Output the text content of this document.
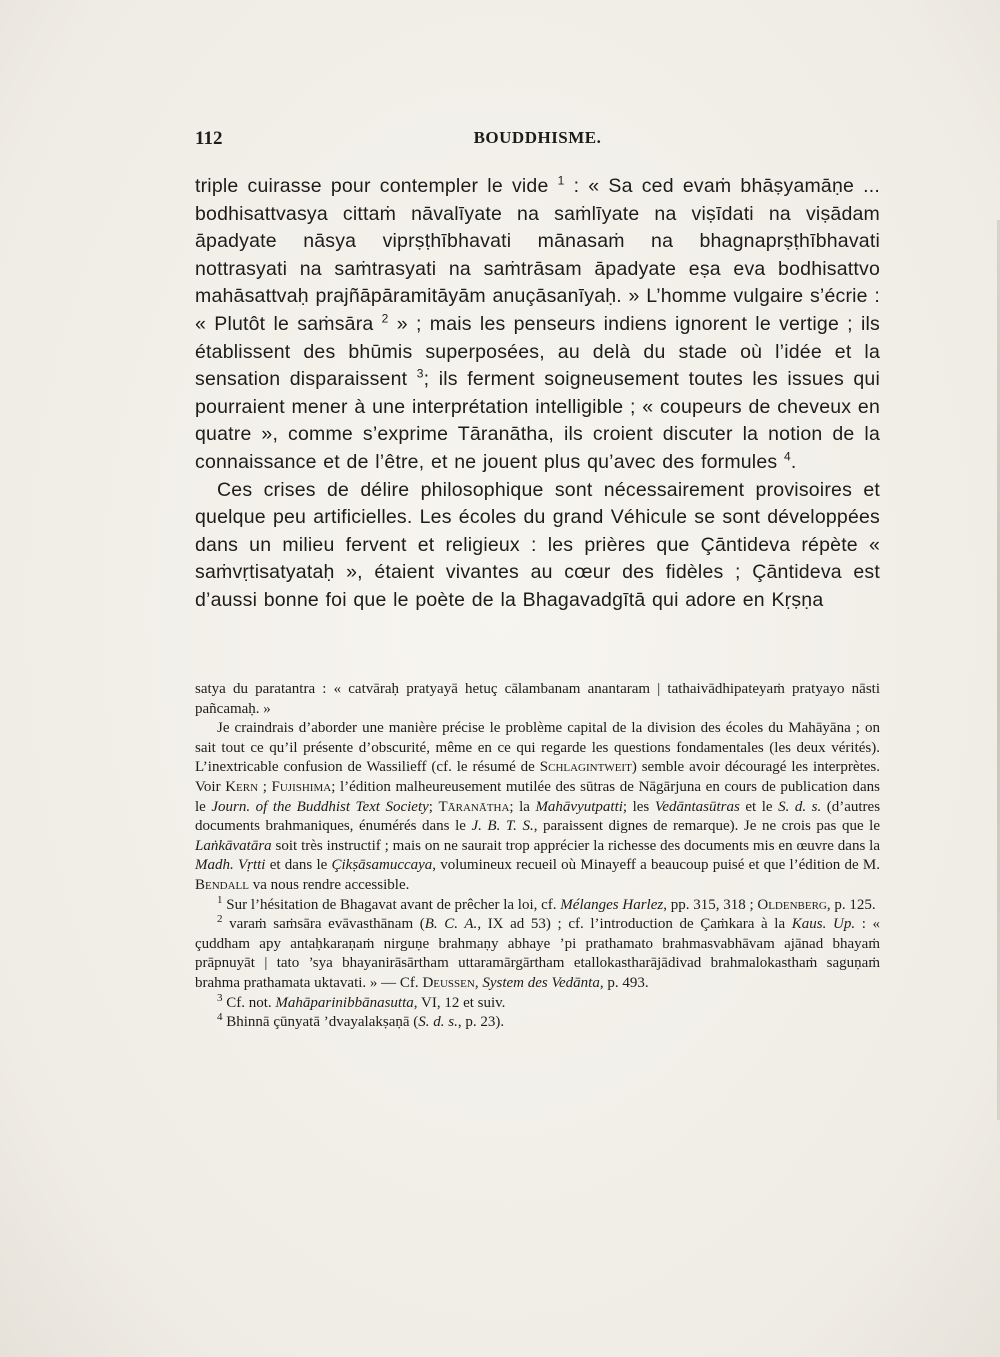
112	BOUDDHISME.

triple cuirasse pour contempler le vide $^1$ : « Sa ced evaṁ bhāṣyamāṇe ... bodhisattvasya cittaṁ nāvalīyate na saṁlīyate na viṣīdati na viṣādam āpadyate nāsya viprṣṭhībhavati mānasaṁ na bhagnaprṣṭhībhavati nottrasyati na saṁtrasyati na saṁtrāsam āpadyate eṣa eva bodhisattvo mahāsattvaḥ prajñāpāramitāyām anuçāsanīyaḥ. » L’homme vulgaire s’écrie : « Plutôt le saṁsāra $^2$ » ; mais les penseurs indiens ignorent le vertige ; ils établissent des bhūmis superposées, au delà du stade où l’idée et la sensation disparaissent $^3$; ils ferment soigneusement toutes les issues qui pourraient mener à une interprétation intelligible ; « coupeurs de cheveux en quatre », comme s’exprime Tāranātha, ils croient discuter la notion de la connaissance et de l’être, et ne jouent plus qu’avec des formules $^4$.

Ces crises de délire philosophique sont nécessairement provisoires et quelque peu artificielles. Les écoles du grand Véhicule se sont développées dans un milieu fervent et religieux : les prières que Çāntideva répète « saṁvṛtisatyataḥ », étaient vivantes au cœur des fidèles ; Çāntideva est d’aussi bonne foi que le poète de la Bhagavadgītā qui adore en Kṛṣṇa

satya du paratantra : « catvāraḥ pratyayā hetuç cālambanam anantaram | tathaivādhipateyaṁ pratyayo nāsti pañcamaḥ. »

Je craindrais d’aborder une manière précise le problème capital de la division des écoles du Mahāyāna ; on sait tout ce qu’il présente d’obscurité, même en ce qui regarde les questions fondamentales (les deux vérités). L’inextricable confusion de Wassilieff (cf. le résumé de Schlagintweit) semble avoir découragé les interprètes. Voir Kern ; Fujishima; l’édition malheureusement mutilée des sūtras de Nāgārjuna en cours de publication dans le Journ. of the Buddhist Text Society; Tāranātha; la Mahāvyutpatti; les Vedāntasūtras et le S. d. s. (d’autres documents brahmaniques, énumérés dans le J. B. T. S., paraissent dignes de remarque). Je ne crois pas que le Laṅkāvatāra soit très instructif ; mais on ne saurait trop apprécier la richesse des documents mis en œuvre dans la Madh. Vṛtti et dans le Çikṣāsamuccaya, volumineux recueil où Minayeff a beaucoup puisé et que l’édition de M. Bendall va nous rendre accessible.

$^1$ Sur l’hésitation de Bhagavat avant de prêcher la loi, cf. Mélanges Harlez, pp. 315, 318 ; Oldenberg, p. 125.

$^2$ varaṁ saṁsāra evāvasthānam (B. C. A., IX ad 53) ; cf. l’introduction de Çaṁkara à la Kaus. Up. : « çuddham apy antaḥkaraṇaṁ nirguṇe brahmaṇy abhaye ’pi prathamato brahmasvabhāvam ajānad bhayaṁ prāpnuyāt | tato ’sya bhayanirāsārtham uttaramārgārtham etallokastharājādivad brahmalokasthaṁ saguṇaṁ brahma prathamata uktavati. » — Cf. Deussen, System des Vedānta, p. 493.

$^3$ Cf. not. Mahāparinibbānasutta, VI, 12 et suiv.

$^4$ Bhinnā çūnyatā ’dvayalakṣaṇā (S. d. s., p. 23).
